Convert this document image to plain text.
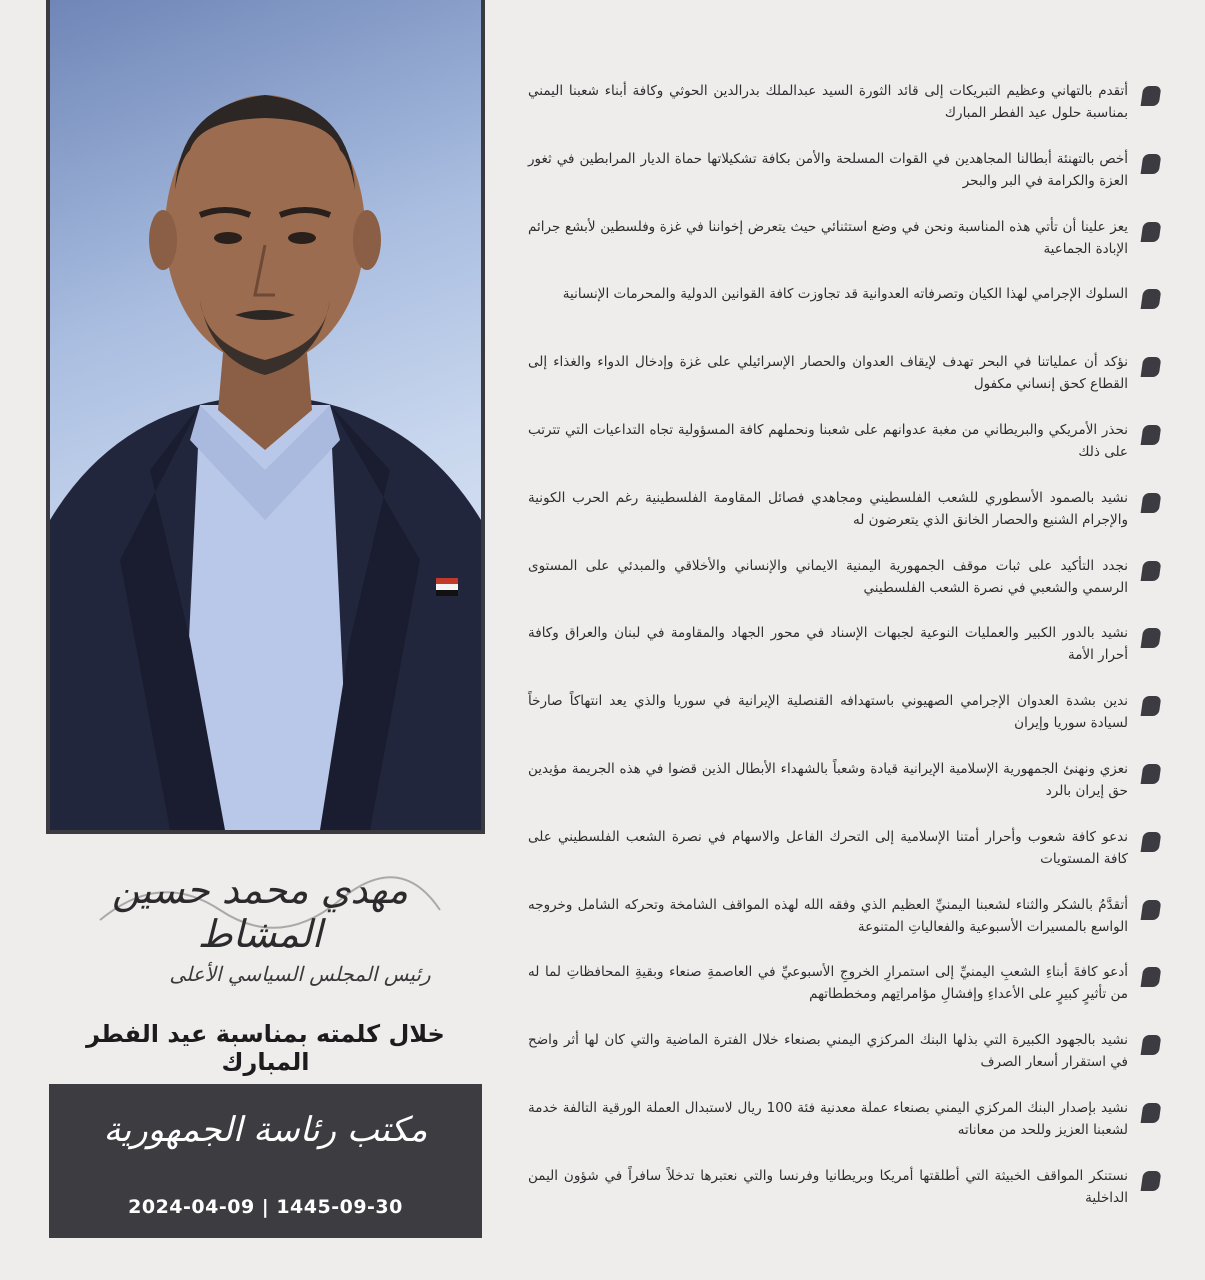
مهدي محمد حسين المشاط
رئيس المجلس السياسي الأعلى
خلال كلمته بمناسبة عيد الفطر المبارك
مكتب رئاسة الجمهورية
2024-04-09 | 1445-09-30
أتقدم بالتهاني وعظيم التبريكات إلى قائد الثورة السيد عبدالملك بدرالدين الحوثي وكافة أبناء شعبنا اليمني بمناسبة حلول عيد الفطر المبارك
أخص بالتهنئة أبطالنا المجاهدين في القوات المسلحة والأمن بكافة تشكيلاتها حماة الديار المرابطين في ثغور العزة والكرامة في البر والبحر
يعز علينا أن تأتي هذه المناسبة ونحن في وضع استثنائي حيث يتعرض إخواننا في غزة وفلسطين لأبشع جرائم الإبادة الجماعية
السلوك الإجرامي لهذا الكيان وتصرفاته العدوانية قد تجاوزت كافة القوانين الدولية والمحرمات الإنسانية
نؤكد أن عملياتنا في البحر تهدف لإيقاف العدوان والحصار الإسرائيلي على غزة وإدخال الدواء والغذاء إلى القطاع كحق إنساني مكفول
نحذر الأمريكي والبريطاني من مغبة عدوانهم على شعبنا ونحملهم كافة المسؤولية تجاه التداعيات التي تترتب على ذلك
نشيد بالصمود الأسطوري للشعب الفلسطيني ومجاهدي فصائل المقاومة الفلسطينية رغم الحرب الكونية والإجرام الشنيع والحصار الخانق الذي يتعرضون له
نجدد التأكيد على ثبات موقف الجمهورية اليمنية الايماني والإنساني والأخلاقي والمبدئي على المستوى الرسمي والشعبي في نصرة الشعب الفلسطيني
نشيد بالدور الكبير والعمليات النوعية لجبهات الإسناد في محور الجهاد والمقاومة في لبنان والعراق وكافة أحرار الأمة
ندين بشدة العدوان الإجرامي الصهيوني باستهدافه القنصلية الإيرانية في سوريا والذي يعد انتهاكاً صارخاً لسيادة سوريا وإيران
نعزي ونهنئ الجمهورية الإسلامية الإيرانية قيادة وشعباً بالشهداء الأبطال الذين قضوا في هذه الجريمة مؤيدين حق إيران بالرد
ندعو كافة شعوب وأحرار أمتنا الإسلامية إلى التحرك الفاعل والاسهام في نصرة الشعب الفلسطيني على كافة المستويات
أتقدَّمُ بالشكر والثناء لشعبنا اليمنيِّ العظيم الذي وفقه الله لهذه المواقف الشامخة وتحركه الشامل وخروجه الواسع بالمسيرات الأسبوعية والفعالياتِ المتنوعة
أدعو كافةَ أبناءِ الشعبِ اليمنيِّ إلى استمرارِ الخروجِ الأسبوعيِّ في العاصمةِ صنعاء وبقيةِ المحافظاتِ لما له من تأثيرٍ كبيرٍ على الأعداءِ وإفشالِ مؤامراتِهم ومخططاتهم
نشيد بالجهود الكبيرة التي بذلها البنك المركزي اليمني بصنعاء خلال الفترة الماضية والتي كان لها أثر واضح في استقرار أسعار الصرف
نشيد بإصدار البنك المركزي اليمني بصنعاء عملة معدنية فئة 100 ريال لاستبدال العملة الورقية التالفة خدمة لشعبنا العزيز وللحد من معاناته
نستنكر المواقف الخبيثة التي أطلقتها أمريكا وبريطانيا وفرنسا والتي نعتبرها تدخلاً سافراً في شؤون اليمن الداخلية
